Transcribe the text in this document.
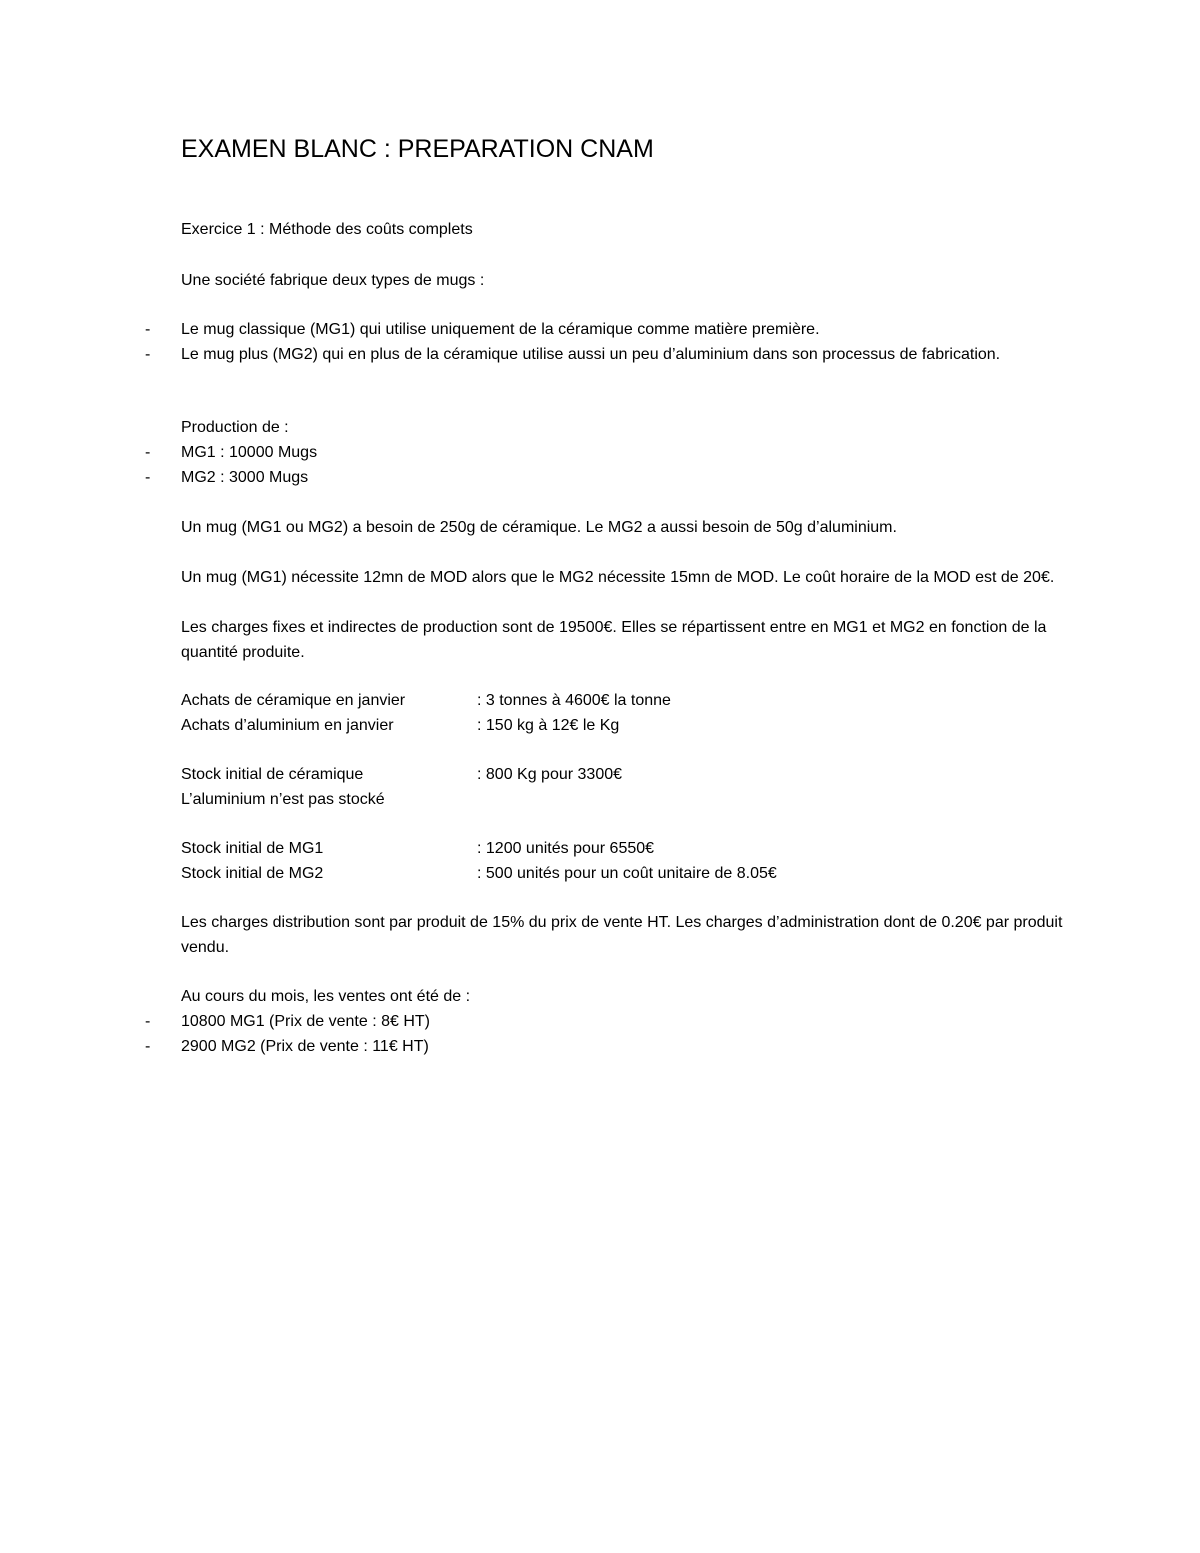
EXAMEN BLANC : PREPARATION CNAM
Exercice 1 : Méthode des coûts complets
Une société fabrique deux types de mugs :
- Le mug classique (MG1) qui utilise uniquement de la céramique comme matière première.
- Le mug plus (MG2) qui en plus de la céramique utilise aussi un peu d’aluminium dans son processus de fabrication.
Production de :
- MG1 : 10000 Mugs
- MG2 : 3000 Mugs
Un mug (MG1 ou MG2) a besoin de 250g de céramique. Le MG2 a aussi besoin de 50g d’aluminium.
Un mug (MG1) nécessite 12mn de MOD alors que le MG2 nécessite 15mn de MOD. Le coût horaire de la MOD est de 20€.
Les charges fixes et indirectes de production sont de 19500€. Elles se répartissent entre en MG1 et MG2 en fonction de la quantité produite.
Achats de céramique en janvier	: 3 tonnes à 4600€ la tonne
Achats d’aluminium en janvier	: 150 kg à 12€ le Kg
Stock initial de céramique	: 800 Kg pour 3300€
L’aluminium n’est pas stocké
Stock initial de MG1	: 1200 unités pour 6550€
Stock initial de MG2	: 500 unités pour un coût unitaire de 8.05€
Les charges distribution sont par produit de 15% du prix de vente HT. Les charges d’administration dont de 0.20€ par produit vendu.
Au cours du mois, les ventes ont été de :
- 10800 MG1 (Prix de vente : 8€ HT)
- 2900 MG2 (Prix de vente : 11€ HT)
